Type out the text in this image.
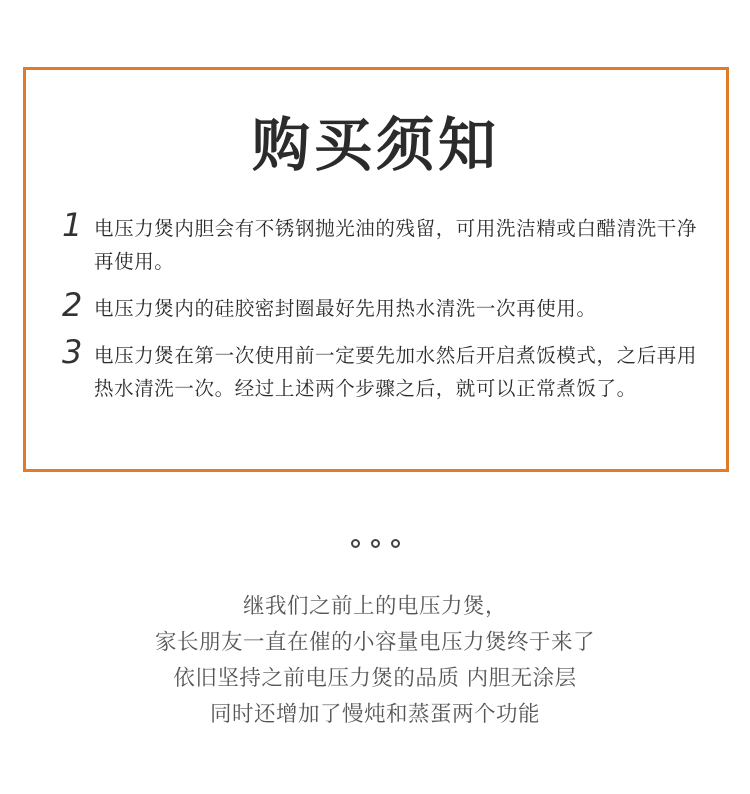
购买须知
1 电压力煲内胆会有不锈钢抛光油的残留，可用洗洁精或白醋清洗干净再使用。
2 电压力煲内的硅胶密封圈最好先用热水清洗一次再使用。
3 电压力煲在第一次使用前一定要先加水然后开启煮饭模式，之后再用热水清洗一次。经过上述两个步骤之后，就可以正常煮饭了。
继我们之前上的电压力煲，
家长朋友一直在催的小容量电压力煲终于来了
依旧坚持之前电压力煲的品质 内胆无涂层
同时还增加了慢炖和蒸蛋两个功能
